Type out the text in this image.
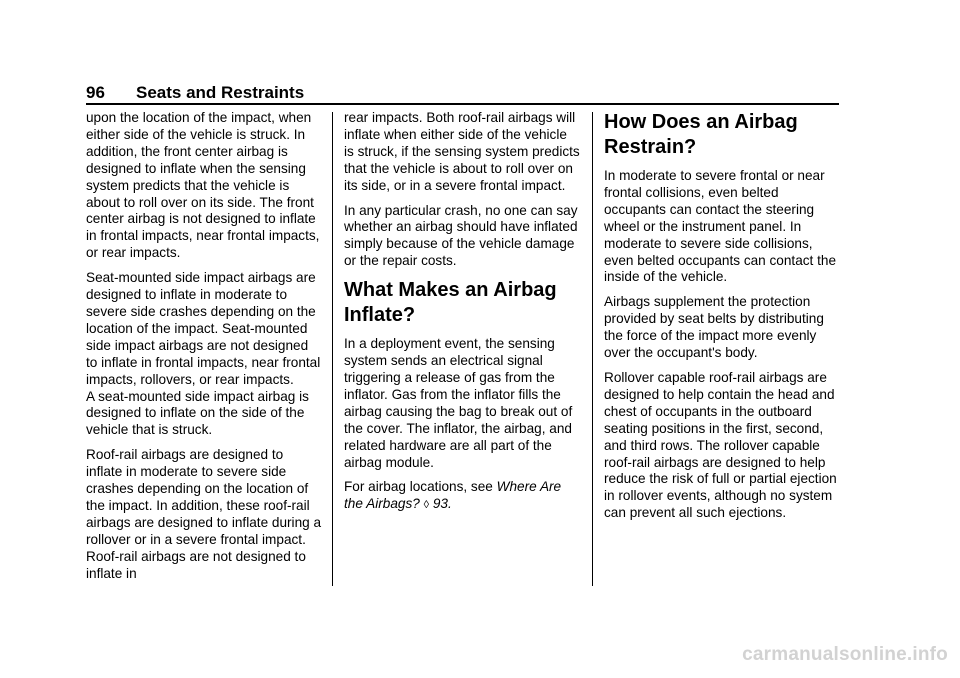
96 Seats and Restraints

upon the location of the impact, when either side of the vehicle is struck. In addition, the front center airbag is designed to inflate when the sensing system predicts that the vehicle is about to roll over on its side. The front center airbag is not designed to inflate in frontal impacts, near frontal impacts, or rear impacts.

Seat-mounted side impact airbags are designed to inflate in moderate to severe side crashes depending on the location of the impact. Seat-mounted side impact airbags are not designed to inflate in frontal impacts, near frontal impacts, rollovers, or rear impacts.

A seat-mounted side impact airbag is designed to inflate on the side of the vehicle that is struck.

Roof-rail airbags are designed to inflate in moderate to severe side crashes depending on the location of the impact. In addition, these roof-rail airbags are designed to inflate during a rollover or in a severe frontal impact. Roof-rail airbags are not designed to inflate in

rear impacts. Both roof-rail airbags will inflate when either side of the vehicle is struck, if the sensing system predicts that the vehicle is about to roll over on its side, or in a severe frontal impact.

In any particular crash, no one can say whether an airbag should have inflated simply because of the vehicle damage or the repair costs.

What Makes an Airbag Inflate?

In a deployment event, the sensing system sends an electrical signal triggering a release of gas from the inflator. Gas from the inflator fills the airbag causing the bag to break out of the cover. The inflator, the airbag, and related hardware are all part of the airbag module.

For airbag locations, see Where Are the Airbags? ◊ 93.

How Does an Airbag Restrain?

In moderate to severe frontal or near frontal collisions, even belted occupants can contact the steering wheel or the instrument panel. In moderate to severe side collisions, even belted occupants can contact the inside of the vehicle.

Airbags supplement the protection provided by seat belts by distributing the force of the impact more evenly over the occupant's body.

Rollover capable roof-rail airbags are designed to help contain the head and chest of occupants in the outboard seating positions in the first, second, and third rows. The rollover capable roof-rail airbags are designed to help reduce the risk of full or partial ejection in rollover events, although no system can prevent all such ejections.

carmanualsonline.info
